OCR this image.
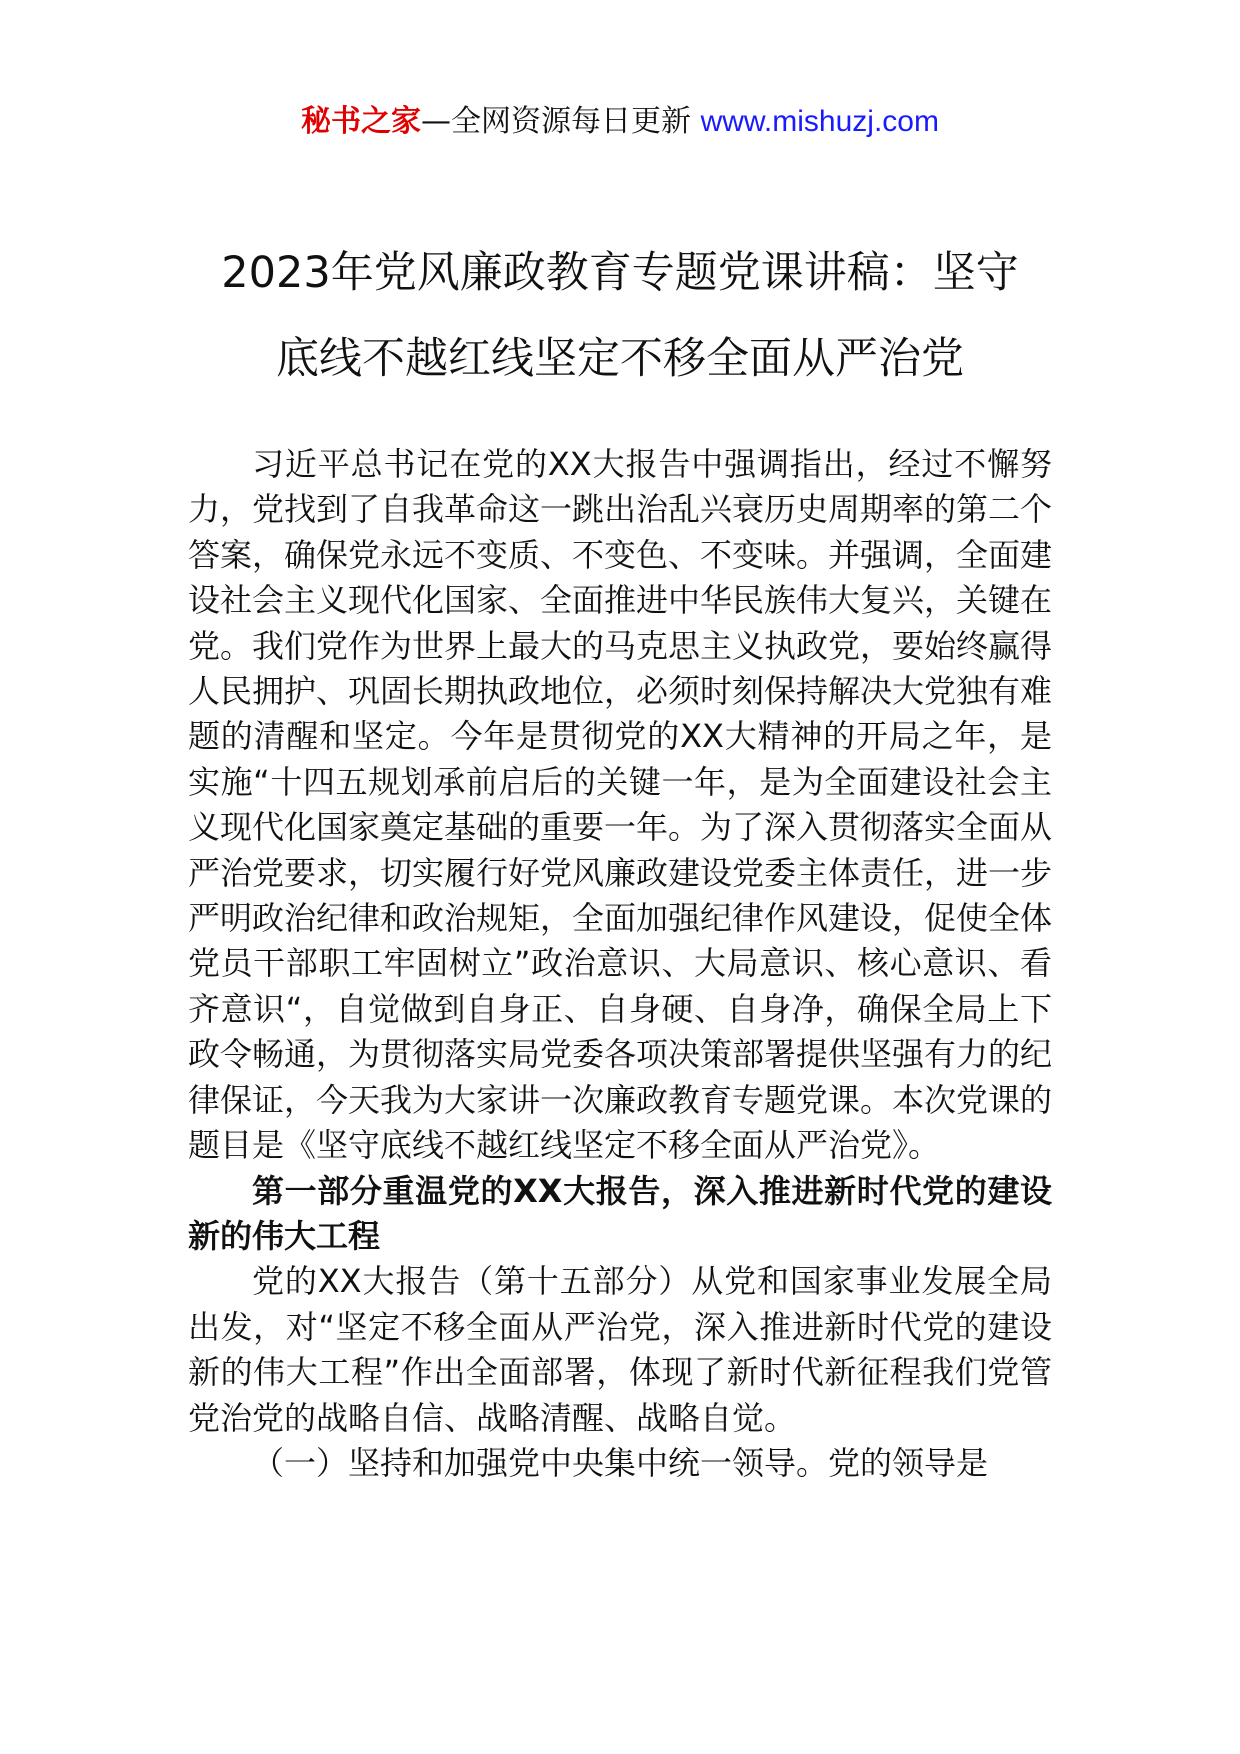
秘书之家—全网资源每日更新 www.mishuzj.com
2023年党风廉政教育专题党课讲稿：坚守
底线不越红线坚定不移全面从严治党

习近平总书记在党的XX大报告中强调指出，经过不懈努力，党找到了自我革命这一跳出治乱兴衰历史周期率的第二个答案，确保党永远不变质、不变色、不变味。并强调，全面建设社会主义现代化国家、全面推进中华民族伟大复兴，关键在党。我们党作为世界上最大的马克思主义执政党，要始终赢得人民拥护、巩固长期执政地位，必须时刻保持解决大党独有难题的清醒和坚定。今年是贯彻党的XX大精神的开局之年，是实施“十四五规划承前启后的关键一年，是为全面建设社会主义现代化国家奠定基础的重要一年。为了深入贯彻落实全面从严治党要求，切实履行好党风廉政建设党委主体责任，进一步严明政治纪律和政治规矩，全面加强纪律作风建设，促使全体党员干部职工牢固树立”政治意识、大局意识、核心意识、看齐意识“，自觉做到自身正、自身硬、自身净，确保全局上下政令畅通，为贯彻落实局党委各项决策部署提供坚强有力的纪律保证，今天我为大家讲一次廉政教育专题党课。本次党课的题目是《坚守底线不越红线坚定不移全面从严治党》。

第一部分重温党的XX大报告，深入推进新时代党的建设新的伟大工程

党的XX大报告（第十五部分）从党和国家事业发展全局出发，对“坚定不移全面从严治党，深入推进新时代党的建设新的伟大工程”作出全面部署，体现了新时代新征程我们党管党治党的战略自信、战略清醒、战略自觉。

（一）坚持和加强党中央集中统一领导。党的领导是
